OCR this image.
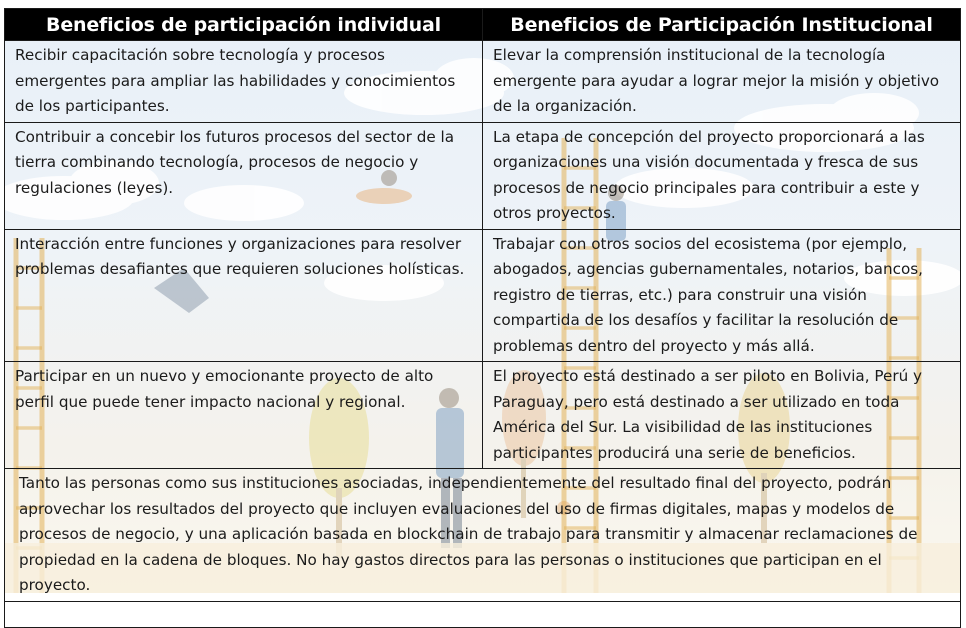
Beneficios de participación individual	Beneficios de Participación Institucional
Recibir capacitación sobre tecnología y procesos emergentes para ampliar las habilidades y conocimientos de los participantes.	Elevar la comprensión institucional de la tecnología emergente para ayudar a lograr mejor la misión y objetivo de la organización.
Contribuir a concebir los futuros procesos del sector de la tierra combinando tecnología, procesos de negocio y regulaciones (leyes).	La etapa de concepción del proyecto proporcionará a las organizaciones una visión documentada y fresca de sus procesos de negocio principales para contribuir a este y otros proyectos.
Interacción entre funciones y organizaciones para resolver problemas desafiantes que requieren soluciones holísticas.	Trabajar con otros socios del ecosistema (por ejemplo, abogados, agencias gubernamentales, notarios, bancos, registro de tierras, etc.) para construir una visión compartida de los desafíos y facilitar la resolución de problemas dentro del proyecto y más allá.
Participar en un nuevo y emocionante proyecto de alto perfil que puede tener impacto nacional y regional.	El proyecto está destinado a ser piloto en Bolivia, Perú y Paraguay, pero está destinado a ser utilizado en toda América del Sur. La visibilidad de las instituciones participantes producirá una serie de beneficios.
Tanto las personas como sus instituciones asociadas, independientemente del resultado final del proyecto, podrán aprovechar los resultados del proyecto que incluyen evaluaciones del uso de firmas digitales, mapas y modelos de procesos de negocio, y una aplicación basada en blockchain de trabajo para transmitir y almacenar reclamaciones de propiedad en la cadena de bloques. No hay gastos directos para las personas o instituciones que participan en el proyecto.	
